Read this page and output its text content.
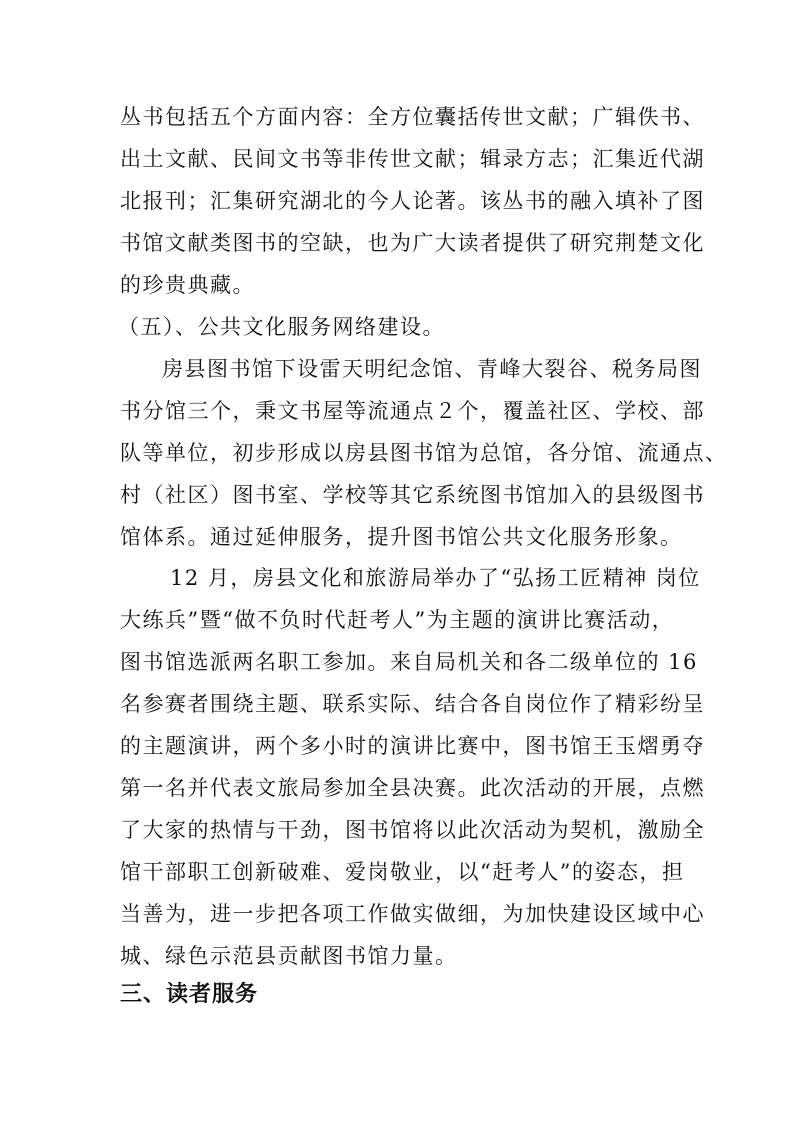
丛书包括五个方面内容：全方位囊括传世文献；广辑佚书、
出土文献、民间文书等非传世文献；辑录方志；汇集近代湖
北报刊；汇集研究湖北的今人论著。该丛书的融入填补了图
书馆文献类图书的空缺，也为广大读者提供了研究荆楚文化
的珍贵典藏。
（五）、公共文化服务网络建设。
房县图书馆下设雷天明纪念馆、青峰大裂谷、税务局图
书分馆三个，秉文书屋等流通点２个，覆盖社区、学校、部
队等单位，初步形成以房县图书馆为总馆，各分馆、流通点、
村（社区）图书室、学校等其它系统图书馆加入的县级图书
馆体系。通过延伸服务，提升图书馆公共文化服务形象。
12 月，房县文化和旅游局举办了“弘扬工匠精神 岗位
大练兵”暨“做不负时代赶考人”为主题的演讲比赛活动，
图书馆选派两名职工参加。来自局机关和各二级单位的 16
名参赛者围绕主题、联系实际、结合各自岗位作了精彩纷呈
的主题演讲，两个多小时的演讲比赛中，图书馆王玉熠勇夺
第一名并代表文旅局参加全县决赛。此次活动的开展，点燃
了大家的热情与干劲，图书馆将以此次活动为契机，激励全
馆干部职工创新破难、爱岗敬业，以“赶考人”的姿态，担
当善为，进一步把各项工作做实做细，为加快建设区域中心
城、绿色示范县贡献图书馆力量。
三、读者服务
